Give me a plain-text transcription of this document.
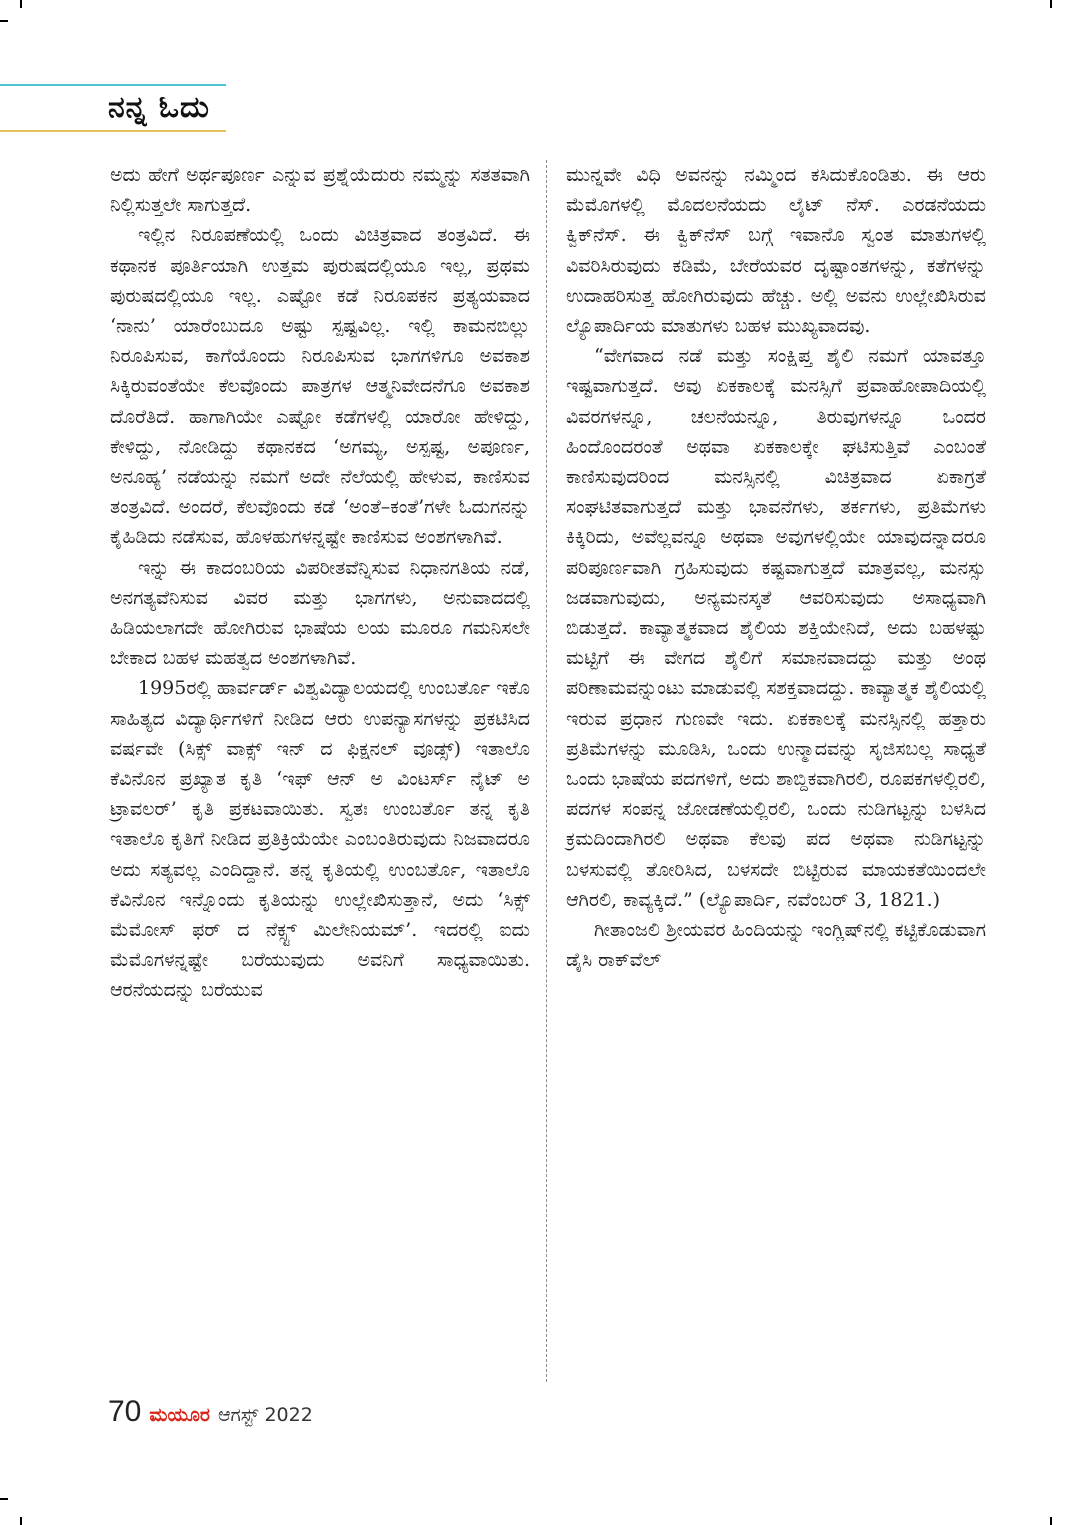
ನನ್ನ ಓದು

ಅದು ಹೇಗೆ ಅರ್ಥಪೂರ್ಣ ಎನ್ನುವ ಪ್ರಶ್ನೆಯೆದುರು ನಮ್ಮನ್ನು ಸತತವಾಗಿ ನಿಲ್ಲಿಸುತ್ತಲೇ ಸಾಗುತ್ತದೆ.

ಇಲ್ಲಿನ ನಿರೂಪಣೆಯಲ್ಲಿ ಒಂದು ವಿಚಿತ್ರವಾದ ತಂತ್ರವಿದೆ. ಈ ಕಥಾನಕ ಪೂರ್ತಿಯಾಗಿ ಉತ್ತಮ ಪುರುಷದಲ್ಲಿಯೂ ಇಲ್ಲ, ಪ್ರಥಮ ಪುರುಷದಲ್ಲಿಯೂ ಇಲ್ಲ. ಎಷ್ಟೋ ಕಡೆ ನಿರೂಪಕನ ಪ್ರತ್ಯಯವಾದ ‘ನಾನು’ ಯಾರೆಂಬುದೂ ಅಷ್ಟು ಸ್ಪಷ್ಟವಿಲ್ಲ. ಇಲ್ಲಿ ಕಾಮನಬಿಲ್ಲು ನಿರೂಪಿಸುವ, ಕಾಗೆಯೊಂದು ನಿರೂಪಿಸುವ ಭಾಗಗಳಿಗೂ ಅವಕಾಶ ಸಿಕ್ಕಿರುವಂತೆಯೇ ಕೆಲವೊಂದು ಪಾತ್ರಗಳ ಆತ್ಮನಿವೇದನೆಗೂ ಅವಕಾಶ ದೊರೆತಿದೆ. ಹಾಗಾಗಿಯೇ ಎಷ್ಟೋ ಕಡೆಗಳಲ್ಲಿ ಯಾರೋ ಹೇಳಿದ್ದು, ಕೇಳಿದ್ದು, ನೋಡಿದ್ದು ಕಥಾನಕದ ‘ಅಗಮ್ಯ, ಅಸ್ಪಷ್ಟ, ಅಪೂರ್ಣ, ಅನೂಹ್ಯ’ ನಡೆಯನ್ನು ನಮಗೆ ಅದೇ ನೆಲೆಯಲ್ಲಿ ಹೇಳುವ, ಕಾಣಿಸುವ ತಂತ್ರವಿದೆ. ಅಂದರೆ, ಕೆಲವೊಂದು ಕಡೆ ‘ಅಂತೆ–ಕಂತೆ’ಗಳೇ ಓದುಗನನ್ನು ಕೈಹಿಡಿದು ನಡೆಸುವ, ಹೊಳಹುಗಳನ್ನಷ್ಟೇ ಕಾಣಿಸುವ ಅಂಶಗಳಾಗಿವೆ.

ಇನ್ನು ಈ ಕಾದಂಬರಿಯ ವಿಪರೀತವೆನ್ನಿಸುವ ನಿಧಾನಗತಿಯ ನಡೆ, ಅನಗತ್ಯವೆನಿಸುವ ವಿವರ ಮತ್ತು ಭಾಗಗಳು, ಅನುವಾದದಲ್ಲಿ ಹಿಡಿಯಲಾಗದೇ ಹೋಗಿರುವ ಭಾಷೆಯ ಲಯ ಮೂರೂ ಗಮನಿಸಲೇ ಬೇಕಾದ ಬಹಳ ಮಹತ್ವದ ಅಂಶಗಳಾಗಿವೆ.

1995ರಲ್ಲಿ ಹಾರ್ವರ್ಡ್ ವಿಶ್ವವಿದ್ಯಾಲಯದಲ್ಲಿ ಉಂಬರ್ತೊ ಇಕೊ ಸಾಹಿತ್ಯದ ವಿದ್ಯಾರ್ಥಿಗಳಿಗೆ ನೀಡಿದ ಆರು ಉಪನ್ಯಾಸಗಳನ್ನು ಪ್ರಕಟಿಸಿದ ವರ್ಷವೇ (ಸಿಕ್ಸ್ ವಾಕ್ಸ್ ಇನ್ ದ ಫಿಕ್ಷನಲ್ ವೂಡ್ಸ್) ಇತಾಲೊ ಕೆವಿನೊನ ಪ್ರಖ್ಯಾತ ಕೃತಿ ‘ಇಫ್ ಆನ್ ಅ ವಿಂಟರ್ಸ್ ನೈಟ್ ಅ ಟ್ರಾವಲರ್’ ಕೃತಿ ಪ್ರಕಟವಾಯಿತು. ಸ್ವತಃ ಉಂಬರ್ತೊ ತನ್ನ ಕೃತಿ ಇತಾಲೊ ಕೃತಿಗೆ ನೀಡಿದ ಪ್ರತಿಕ್ರಿಯೆಯೇ ಎಂಬಂತಿರುವುದು ನಿಜವಾದರೂ ಅದು ಸತ್ಯವಲ್ಲ ಎಂದಿದ್ದಾನೆ. ತನ್ನ ಕೃತಿಯಲ್ಲಿ ಉಂಬರ್ತೊ, ಇತಾಲೊ ಕೆವಿನೊನ ಇನ್ನೊಂದು ಕೃತಿಯನ್ನು ಉಲ್ಲೇಖಿಸುತ್ತಾನೆ, ಅದು ‘ಸಿಕ್ಸ್ ಮೆಮೋಸ್ ಫರ್ ದ ನೆಕ್ಸ್ಟ್ ಮಿಲೇನಿಯಮ್’. ಇದರಲ್ಲಿ ಐದು ಮೆಮೊಗಳನ್ನಷ್ಟೇ ಬರೆಯುವುದು ಅವನಿಗೆ ಸಾಧ್ಯವಾಯಿತು. ಆರನೆಯದನ್ನು ಬರೆಯುವ

ಮುನ್ನವೇ ವಿಧಿ ಅವನನ್ನು ನಮ್ಮಿಂದ ಕಸಿದುಕೊಂಡಿತು. ಈ ಆರು ಮೆಮೊಗಳಲ್ಲಿ ಮೊದಲನೆಯದು ಲೈಟ್ ನೆಸ್. ಎರಡನೆಯದು ಕ್ವಿಕ್‌ನೆಸ್. ಈ ಕ್ವಿಕ್‌ನೆಸ್ ಬಗ್ಗೆ ಇವಾನೊ ಸ್ವಂತ ಮಾತುಗಳಲ್ಲಿ ವಿವರಿಸಿರುವುದು ಕಡಿಮೆ, ಬೇರೆಯವರ ದೃಷ್ಟಾಂತಗಳನ್ನು, ಕತೆಗಳನ್ನು ಉದಾಹರಿಸುತ್ತ ಹೋಗಿರುವುದು ಹೆಚ್ಚು. ಅಲ್ಲಿ ಅವನು ಉಲ್ಲೇಖಿಸಿರುವ ಲ್ಯೊಪಾರ್ದಿಯ ಮಾತುಗಳು ಬಹಳ ಮುಖ್ಯವಾದವು.

“ವೇಗವಾದ ನಡೆ ಮತ್ತು ಸಂಕ್ಷಿಪ್ತ ಶೈಲಿ ನಮಗೆ ಯಾವತ್ತೂ ಇಷ್ಟವಾಗುತ್ತದೆ. ಅವು ಏಕಕಾಲಕ್ಕೆ ಮನಸ್ಸಿಗೆ ಪ್ರವಾಹೋಪಾದಿಯಲ್ಲಿ ವಿವರಗಳನ್ನೂ, ಚಲನೆಯನ್ನೂ, ತಿರುವುಗಳನ್ನೂ ಒಂದರ ಹಿಂದೊಂದರಂತೆ ಅಥವಾ ಏಕಕಾಲಕ್ಕೇ ಘಟಿಸುತ್ತಿವೆ ಎಂಬಂತೆ ಕಾಣಿಸುವುದರಿಂದ ಮನಸ್ಸಿನಲ್ಲಿ ವಿಚಿತ್ರವಾದ ಏಕಾಗ್ರತೆ ಸಂಘಟಿತವಾಗುತ್ತದೆ ಮತ್ತು ಭಾವನೆಗಳು, ತರ್ಕಗಳು, ಪ್ರತಿಮೆಗಳು ಕಿಕ್ಕಿರಿದು, ಅವೆಲ್ಲವನ್ನೂ ಅಥವಾ ಅವುಗಳಲ್ಲಿಯೇ ಯಾವುದನ್ನಾದರೂ ಪರಿಪೂರ್ಣವಾಗಿ ಗ್ರಹಿಸುವುದು ಕಷ್ಟವಾಗುತ್ತದೆ ಮಾತ್ರವಲ್ಲ, ಮನಸ್ಸು ಜಡವಾಗುವುದು, ಅನ್ಯಮನಸ್ಕತೆ ಆವರಿಸುವುದು ಅಸಾಧ್ಯವಾಗಿ ಬಿಡುತ್ತದೆ. ಕಾವ್ಯಾತ್ಮಕವಾದ ಶೈಲಿಯ ಶಕ್ತಿಯೇನಿದೆ, ಅದು ಬಹಳಷ್ಟು ಮಟ್ಟಿಗೆ ಈ ವೇಗದ ಶೈಲಿಗೆ ಸಮಾನವಾದದ್ದು ಮತ್ತು ಅಂಥ ಪರಿಣಾಮವನ್ನುಂಟು ಮಾಡುವಲ್ಲಿ ಸಶಕ್ತವಾದದ್ದು. ಕಾವ್ಯಾತ್ಮಕ ಶೈಲಿಯಲ್ಲಿ ಇರುವ ಪ್ರಧಾನ ಗುಣವೇ ಇದು. ಏಕಕಾಲಕ್ಕೆ ಮನಸ್ಸಿನಲ್ಲಿ ಹತ್ತಾರು ಪ್ರತಿಮೆಗಳನ್ನು ಮೂಡಿಸಿ, ಒಂದು ಉನ್ಮಾದವನ್ನು ಸೃಜಿಸಬಲ್ಲ ಸಾಧ್ಯತೆ ಒಂದು ಭಾಷೆಯ ಪದಗಳಿಗೆ, ಅದು ಶಾಬ್ದಿಕವಾಗಿರಲಿ, ರೂಪಕಗಳಲ್ಲಿರಲಿ, ಪದಗಳ ಸಂಪನ್ನ ಜೋಡಣೆಯಲ್ಲಿರಲಿ, ಒಂದು ನುಡಿಗಟ್ಟನ್ನು ಬಳಸಿದ ಕ್ರಮದಿಂದಾಗಿರಲಿ ಅಥವಾ ಕೆಲವು ಪದ ಅಥವಾ ನುಡಿಗಟ್ಟನ್ನು ಬಳಸುವಲ್ಲಿ ತೋರಿಸಿದ, ಬಳಸದೇ ಬಿಟ್ಟಿರುವ ಮಾಯಕತೆಯಿಂದಲೇ ಆಗಿರಲಿ, ಕಾವ್ಯಕ್ಕಿದೆ.” (ಲ್ಯೊಪಾರ್ದಿ, ನವೆಂಬರ್ 3, 1821.)

ಗೀತಾಂಜಲಿ ಶ್ರೀಯವರ ಹಿಂದಿಯನ್ನು ಇಂಗ್ಲಿಷ್‌ನಲ್ಲಿ ಕಟ್ಟಿಕೊಡುವಾಗ ಡೈಸಿ ರಾಕ್‌ವೆಲ್

70 ಮಯೂರ ಆಗಸ್ಟ್ 2022
